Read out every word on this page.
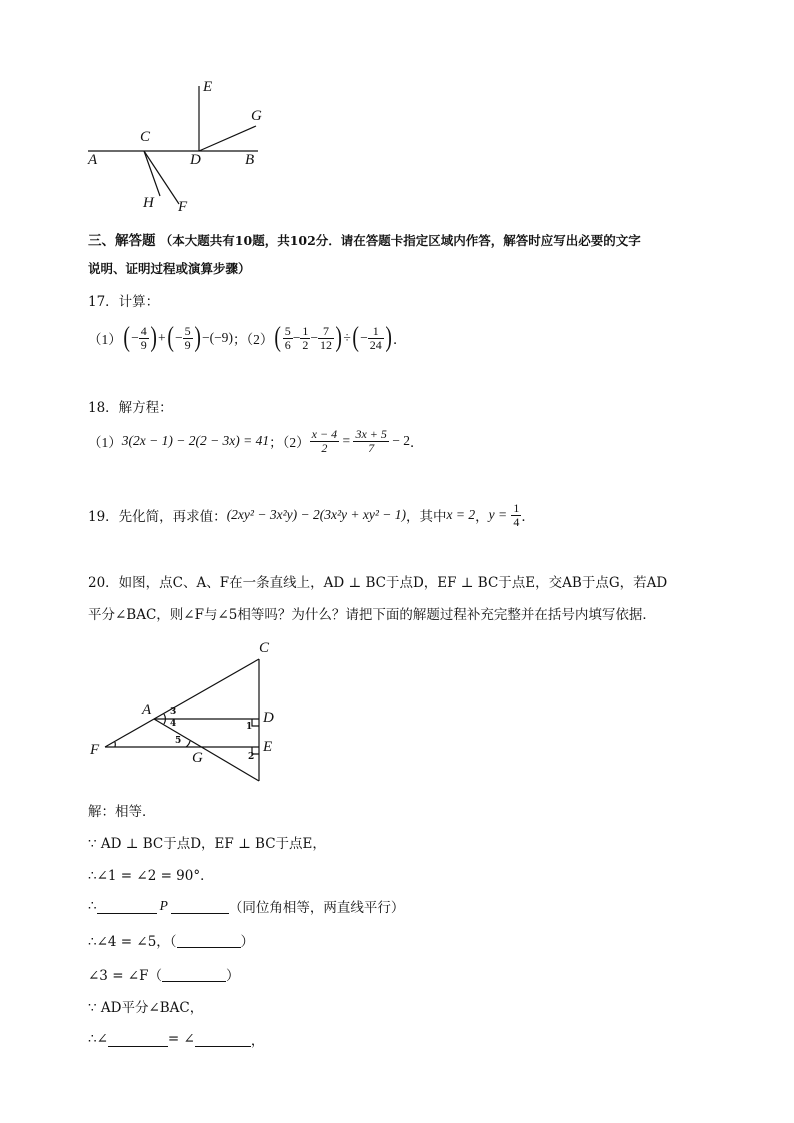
E
G
C
A	D	B
H F
三、解答题 （本大题共有10题，共102分．请在答题卡指定区域内作答，解答时应写出必要的文字
说明、证明过程或演算步骤）
17．计算：
（1） ( − $\frac{4}{9}$ ) + ( − $\frac{5}{9}$ ) − ( −9 ) ；（2） ( $\frac{5}{6} - \frac{1}{2} - \frac{7}{12}$ ) ÷ ( − $\frac{1}{24}$ ) ．
18．解方程：
（1） 3(2x − 1) − 2(2 − 3x) = 41 ；$(2) \frac{x - 4}{2} = \frac{3x + 5}{7}$
− 2 ．
19．先化简，再求值： (2xy² − 3x²y) − 2(3x²y + xy² − 1) ，其中 x = 2 ， y =
$\frac{1}{4}$ ．
20．如图，点C、A、F在一条直线上，AD ⊥ BC于点D，EF ⊥ BC于点E，交AB于点G，若AD
平分∠BAC，则∠F与∠5相等吗？为什么？请把下面的解题过程补充完整并在括号内填写依据．
C
A	D
F	G
E
3
4
5
1
2
解：相等．
∵ AD ⊥ BC于点D，EF ⊥ BC于点E，
∴∠1 = ∠2 = 90°．
∴	P	（同位角相等，两直线平行）
∴∠4 = ∠5，（	）
∠3 = ∠F（	）
∵ AD平分∠BAC，
∴∠	= ∠	，
